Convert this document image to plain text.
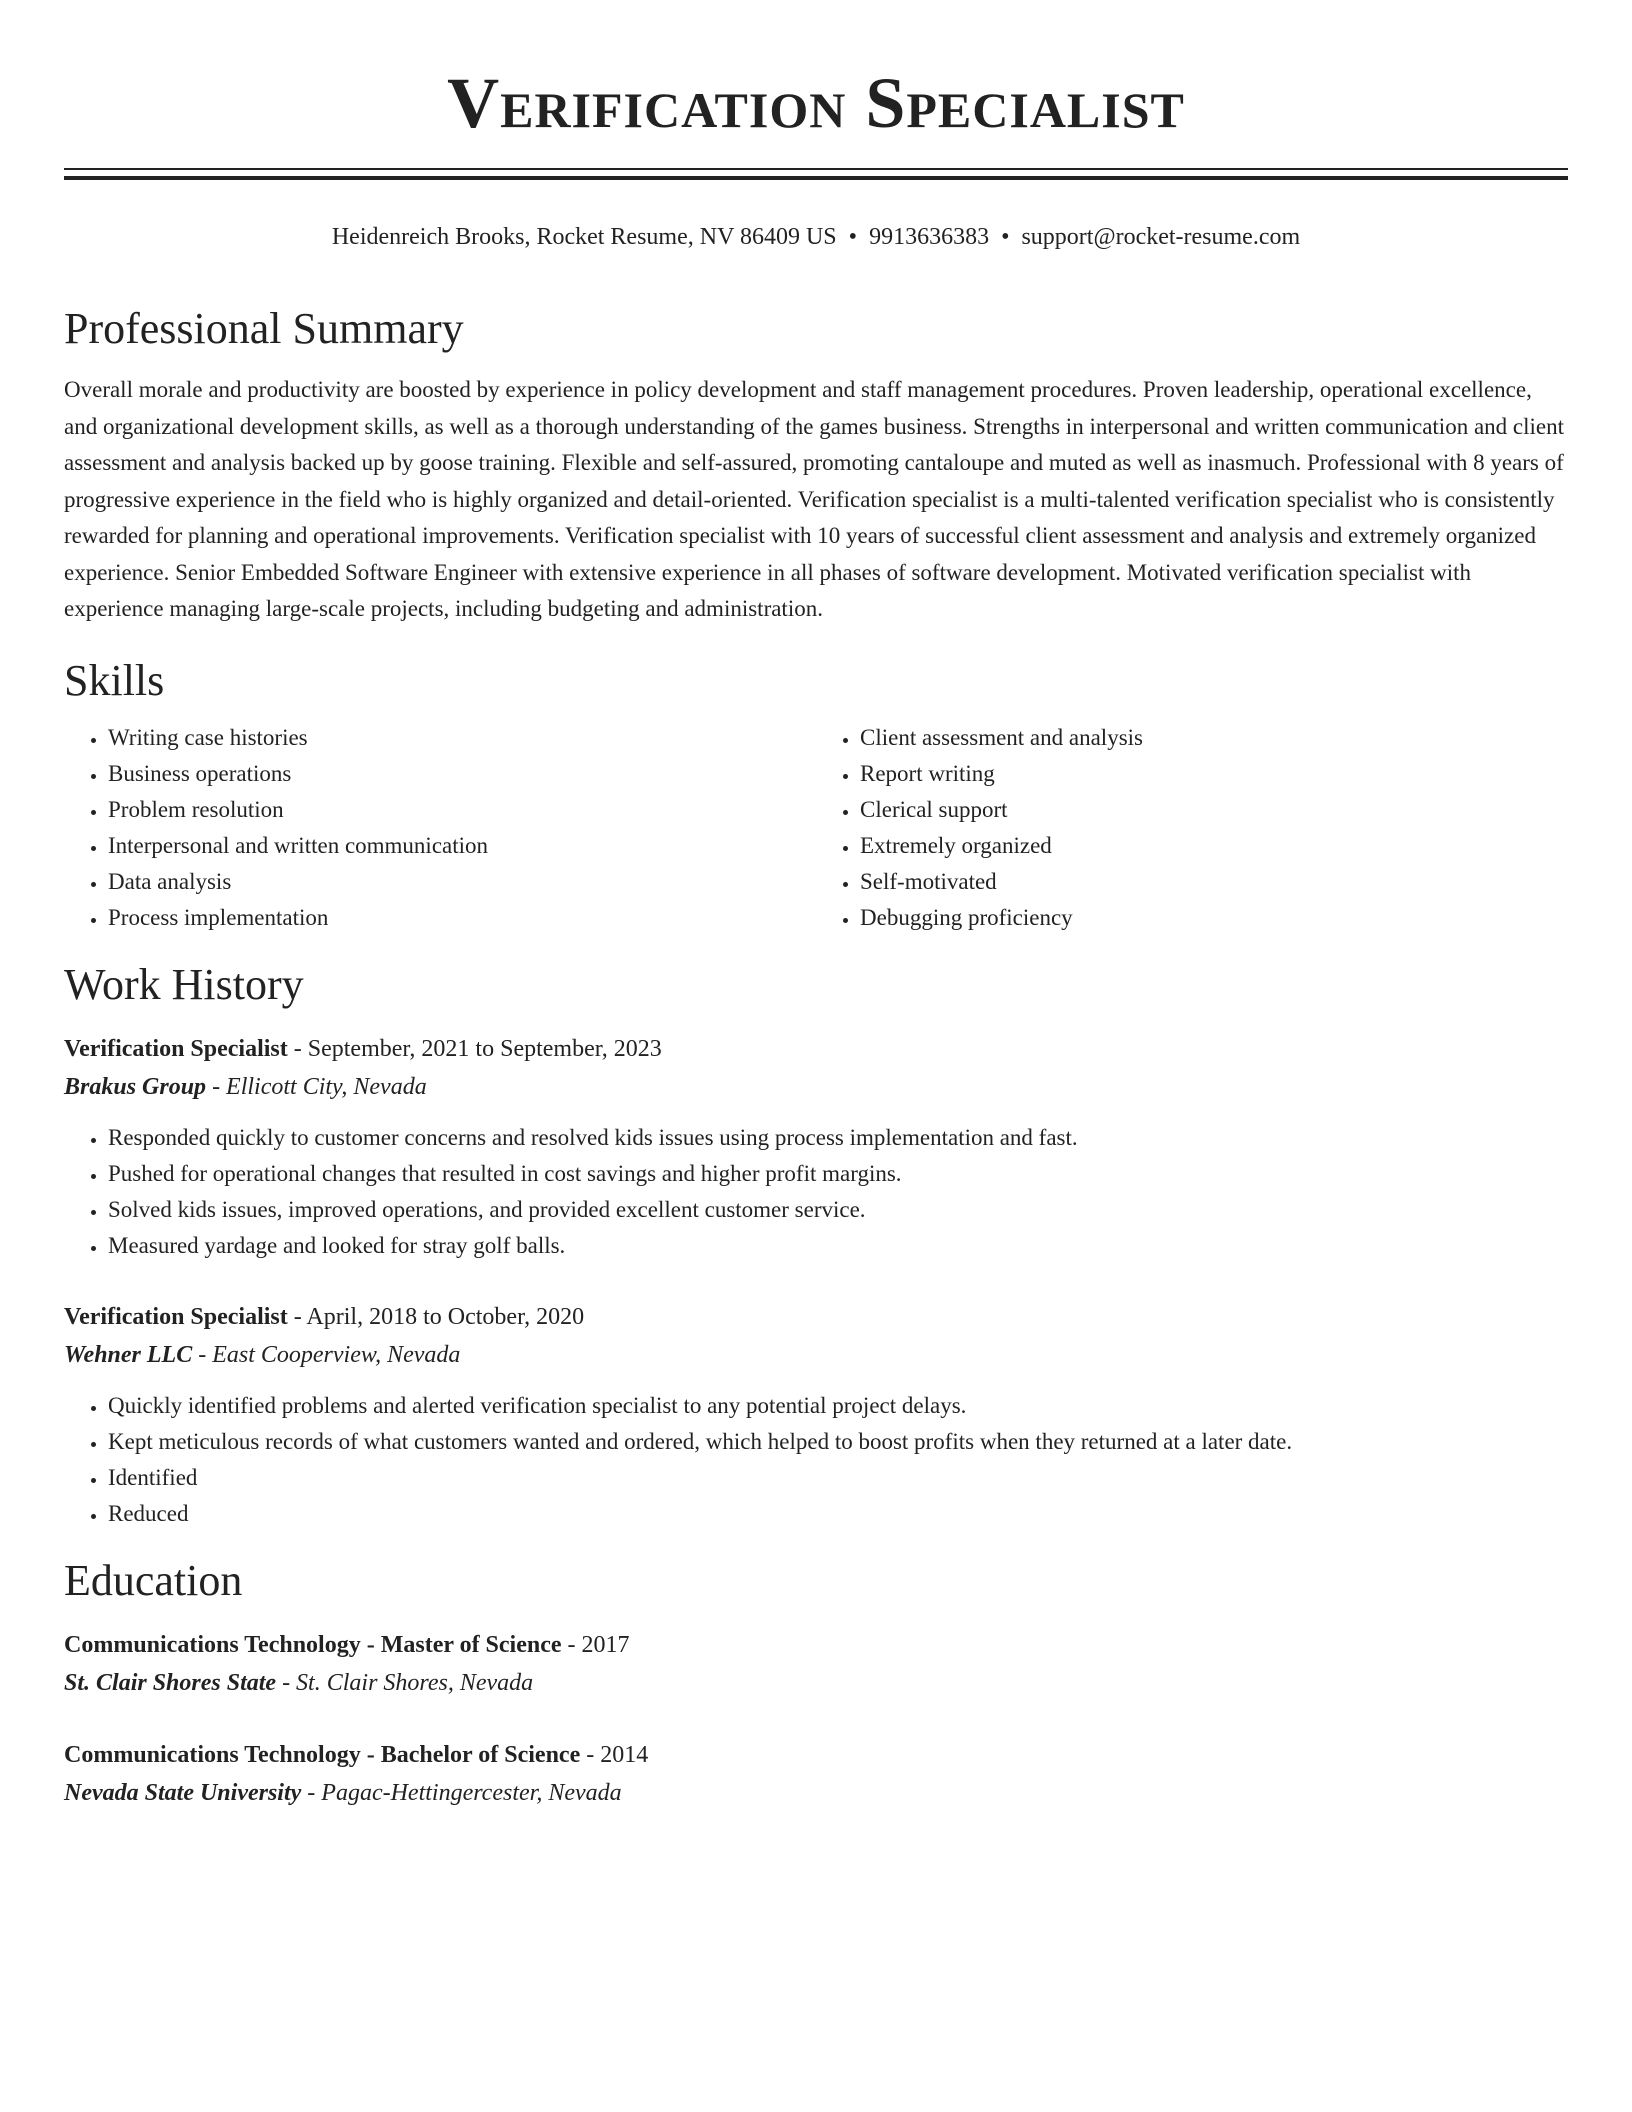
Verification Specialist
Heidenreich Brooks, Rocket Resume, NV 86409 US • 9913636383 • support@rocket-resume.com
Professional Summary

Overall morale and productivity are boosted by experience in policy development and staff management procedures. Proven leadership, operational excellence, and organizational development skills, as well as a thorough understanding of the games business. Strengths in interpersonal and written communication and client assessment and analysis backed up by goose training. Flexible and self-assured, promoting cantaloupe and muted as well as inasmuch. Professional with 8 years of progressive experience in the field who is highly organized and detail-oriented. Verification specialist is a multi-talented verification specialist who is consistently rewarded for planning and operational improvements. Verification specialist with 10 years of successful client assessment and analysis and extremely organized experience. Senior Embedded Software Engineer with extensive experience in all phases of software development. Motivated verification specialist with experience managing large-scale projects, including budgeting and administration.

Skills
• Writing case histories
• Business operations
• Problem resolution
• Interpersonal and written communication
• Data analysis
• Process implementation
• Client assessment and analysis
• Report writing
• Clerical support
• Extremely organized
• Self-motivated
• Debugging proficiency
Work History
Verification Specialist - September, 2021 to September, 2023
Brakus Group - Ellicott City, Nevada
• Responded quickly to customer concerns and resolved kids issues using process implementation and fast.
• Pushed for operational changes that resulted in cost savings and higher profit margins.
• Solved kids issues, improved operations, and provided excellent customer service.
• Measured yardage and looked for stray golf balls.
Verification Specialist - April, 2018 to October, 2020
Wehner LLC - East Cooperview, Nevada
• Quickly identified problems and alerted verification specialist to any potential project delays.
• Kept meticulous records of what customers wanted and ordered, which helped to boost profits when they returned at a later date.
• Identified
• Reduced
Education
Communications Technology - Master of Science - 2017
St. Clair Shores State - St. Clair Shores, Nevada
Communications Technology - Bachelor of Science - 2014
Nevada State University - Pagac-Hettingercester, Nevada
